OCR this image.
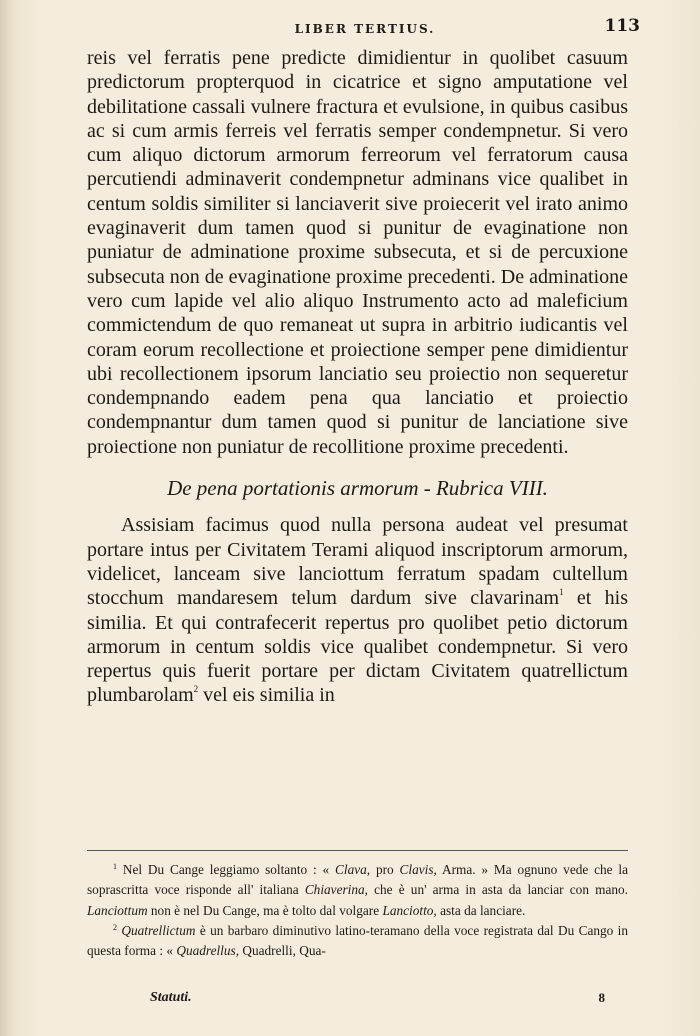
LIBER TERTIUS.	113

reis vel ferratis pene predicte dimidientur in quolibet casuum predictorum propterquod in cicatrice et signo amputatione vel debilitatione cassali vulnere fractura et evulsione, in quibus casibus ac si cum armis ferreis vel ferratis semper condempnetur. Si vero cum aliquo dictorum armorum ferreorum vel ferratorum causa percutiendi adminaverit condempnetur adminans vice qualibet in centum soldis similiter si lanciaverit sive proiecerit vel irato animo evaginaverit dum tamen quod si punitur de evaginatione non puniatur de adminatione proxime subsecuta, et si de percuxione subsecuta non de evaginatione proxime precedenti. De adminatione vero cum lapide vel alio aliquo Instrumento acto ad maleficium commictendum de quo remaneat ut supra in arbitrio iudicantis vel coram eorum recollectione et proiectione semper pene dimidientur ubi recollectionem ipsorum lanciatio seu proiectio non sequeretur condempnando eadem pena qua lanciatio et proiectio condempnantur dum tamen quod si punitur de lanciatione sive proiectione non puniatur de recollitione proxime precedenti.

De pena portationis armorum - Rubrica VIII.

Assisiam facimus quod nulla persona audeat vel presumat portare intus per Civitatem Terami aliquod inscriptorum armorum, videlicet, lanceam sive lanciottum ferratum spadam cultellum stocchum mandaresem telum dardum sive clavarinam$^1$ et his similia. Et qui contrafecerit repertus pro quolibet petio dictorum armorum in centum soldis vice qualibet condempnetur. Si vero repertus quis fuerit portare per dictam Civitatem quatrellictum plumbarolam$^2$ vel eis similia in

$^1$ Nel Du Cange leggiamo soltanto : « Clava, pro Clavis, Arma. » Ma ognuno vede che la soprascritta voce risponde all' italiana Chiaverina, che è un' arma in asta da lanciar con mano. Lanciottum non è nel Du Cange, ma è tolto dal volgare Lanciotto, asta da lanciare.

$^2$ Quatrellictum è un barbaro diminutivo latino-teramano della voce registrata dal Du Cango in questa forma : « Quadrellus, Quadrelli, Qua-

Statuti.	8
